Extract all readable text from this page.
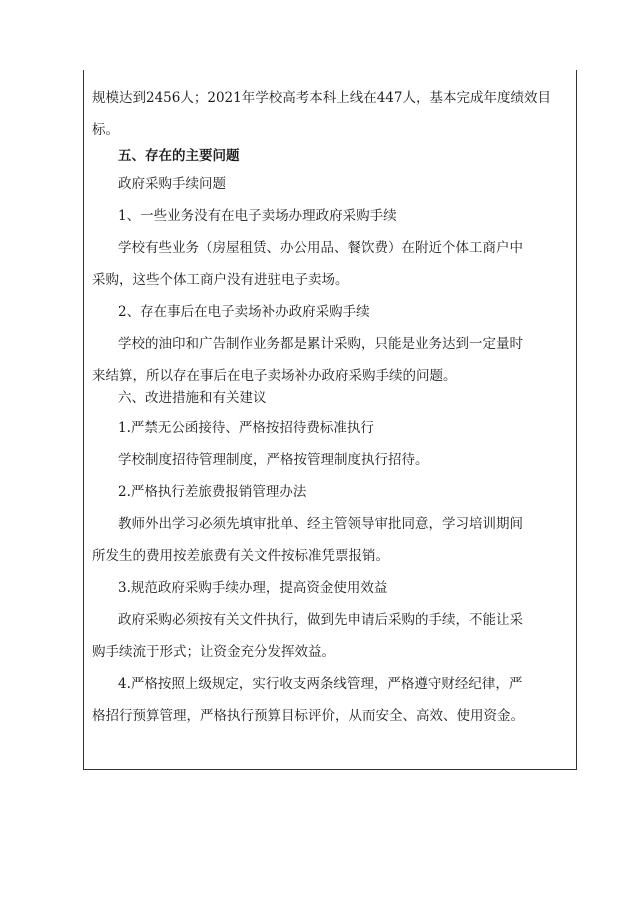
规模达到2456人；2021年学校高考本科上线在447人，基本完成年度绩效目
标。
五、存在的主要问题
政府采购手续问题
1、一些业务没有在电子卖场办理政府采购手续
学校有些业务（房屋租赁、办公用品、餐饮费）在附近个体工商户中
采购，这些个体工商户没有进驻电子卖场。
2、存在事后在电子卖场补办政府采购手续
学校的油印和广告制作业务都是累计采购，只能是业务达到一定量时
来结算，所以存在事后在电子卖场补办政府采购手续的问题。
六、改进措施和有关建议
1.严禁无公函接待、严格按招待费标准执行
学校制度招待管理制度，严格按管理制度执行招待。
2.严格执行差旅费报销管理办法
教师外出学习必须先填审批单、经主管领导审批同意，学习培训期间
所发生的费用按差旅费有关文件按标准凭票报销。
3.规范政府采购手续办理，提高资金使用效益
政府采购必须按有关文件执行，做到先申请后采购的手续，不能让采
购手续流于形式；让资金充分发挥效益。
4.严格按照上级规定，实行收支两条线管理，严格遵守财经纪律，严
格招行预算管理，严格执行预算目标评价，从而安全、高效、使用资金。
